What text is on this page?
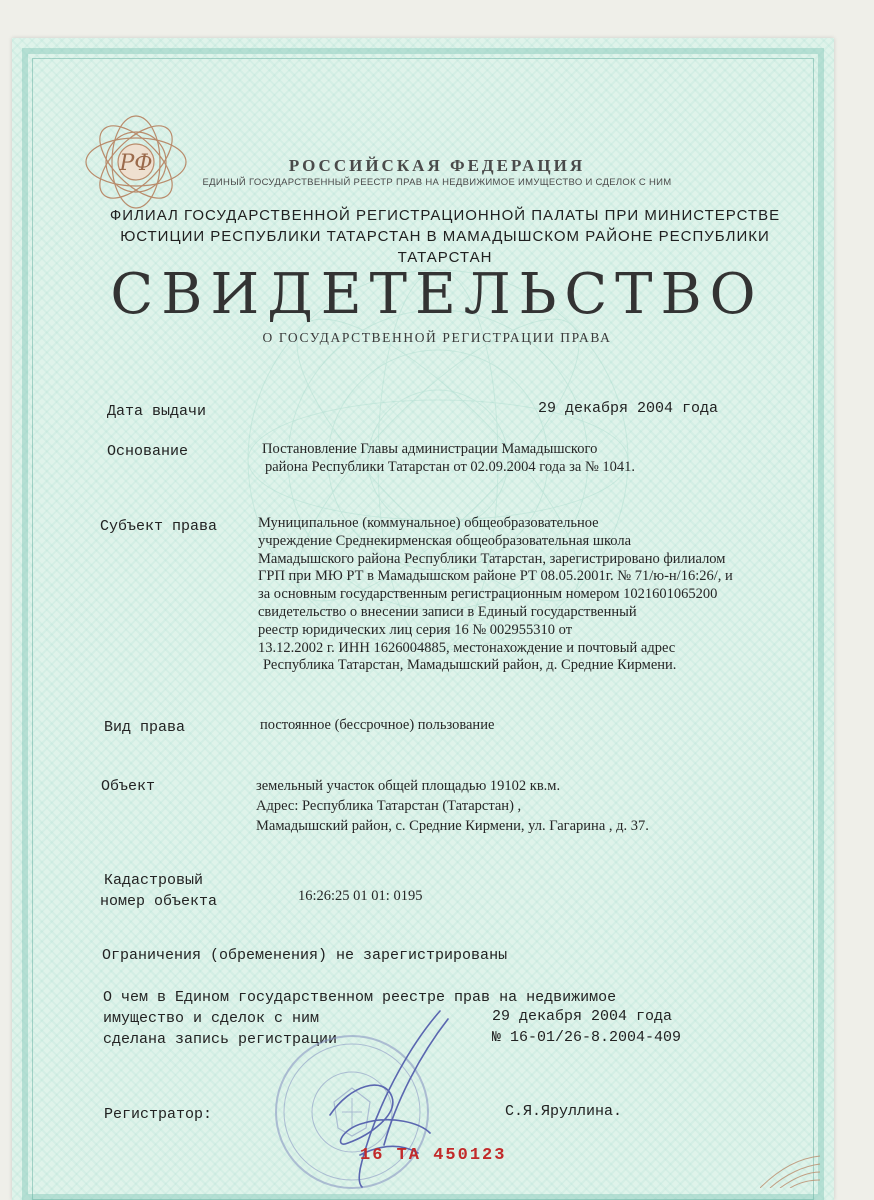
РФ	РОССИЙСКАЯ ФЕДЕРАЦИЯ

ЕДИНЫЙ ГОСУДАРСТВЕННЫЙ РЕЕСТР ПРАВ НА НЕДВИЖИМОЕ ИМУЩЕСТВО И СДЕЛОК С НИМ

ФИЛИАЛ ГОСУДАРСТВЕННОЙ РЕГИСТРАЦИОННОЙ ПАЛАТЫ ПРИ МИНИСТЕРСТВЕ ЮСТИЦИИ РЕСПУБЛИКИ ТАТАРСТАН В МАМАДЫШСКОМ РАЙОНЕ РЕСПУБЛИКИ ТАТАРСТАН

СВИДЕТЕЛЬСТВО

О ГОСУДАРСТВЕННОЙ РЕГИСТРАЦИИ ПРАВА

Дата выдачи	29 декабря 2004 года

Основание	Постановление Главы администрации Мамадышского
района Республики Татарстан от 02.09.2004 года за № 1041.

Субъект права	Муниципальное (коммунальное) общеобразовательное
учреждение Среднекирменская общеобразовательная школа
Мамадышского района Республики Татарстан, зарегистрировано филиалом
ГРП при МЮ РТ в Мамадышском районе РТ 08.05.2001г. № 71/ю-н/16:26/, и
за основным государственным регистрационным номером 1021601065200
свидетельство о внесении записи в Единый государственный
реестр юридических лиц серия 16 № 002955310 от
13.12.2002 г. ИНН 1626004885, местонахождение и почтовый адрес
Республика Татарстан, Мамадышский район, д. Средние Кирмени.

Вид права	постоянное (бессрочное) пользование

Объект	земельный участок общей площадью 19102 кв.м.
Адрес: Республика Татарстан (Татарстан) ,
Мамадышский район, с. Средние Кирмени, ул. Гагарина , д. 37.
Кадастровый
номер объекта	16:26:25 01 01: 0195

Ограничения (обременения) не зарегистрированы

О чем в Едином государственном реестре прав на недвижимое
имущество и сделок с ним
сделана запись регистрации

29 декабря 2004 года

№ 16-01/26-8.2004-409

Регистратор:	С.Я.Яруллина.

16 ТА 450123
